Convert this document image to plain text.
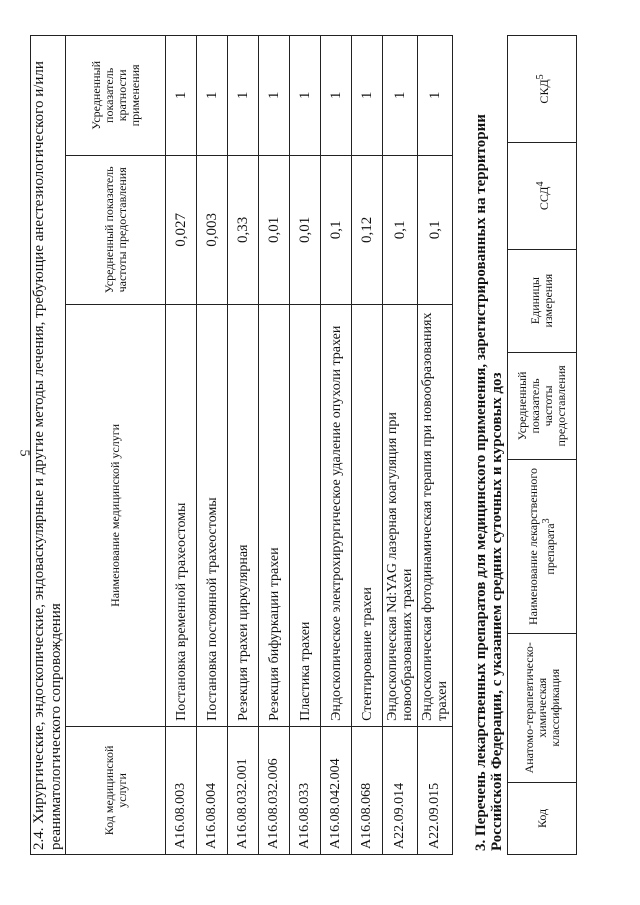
5
2.4. Хирургические, эндоскопические, эндоваскулярные и другие методы лечения, требующие анестезиологического и/или реаниматологического сопровождения			
Код медицинской услуги	Наименование медицинской услуги	Усредненный показатель частоты предоставления	Усредненный показатель кратности применения
A16.08.003	Постановка временной трахеостомы	0,027	1
A16.08.004	Постановка постоянной трахеостомы	0,003	1
A16.08.032.001	Резекция трахеи циркулярная	0,33	1
A16.08.032.006	Резекция бифуркации трахеи	0,01	1
A16.08.033	Пластика трахеи	0,01	1
A16.08.042.004	Эндоскопическое электрохирургическое удаление опухоли трахеи	0,1	1
A16.08.068	Стентирование трахеи	0,12	1
A22.09.014	Эндоскопическая Nd:YAG лазерная коагуляция при новообразованиях трахеи	0,1	1
A22.09.015	Эндоскопическая фотодинамическая терапия при новообразованиях трахеи	0,1	1
3. Перечень лекарственных препаратов для медицинского применения, зарегистрированных на территории Российской Федерации, с указанием средних суточных и курсовых доз Код	Анатомо-терапевтическо-химическая классификация	Наименование лекарственного препарата$^3$	Усредненный показатель частоты предоставления	Единицы измерения	ССД$^4$	СКД$^5$
